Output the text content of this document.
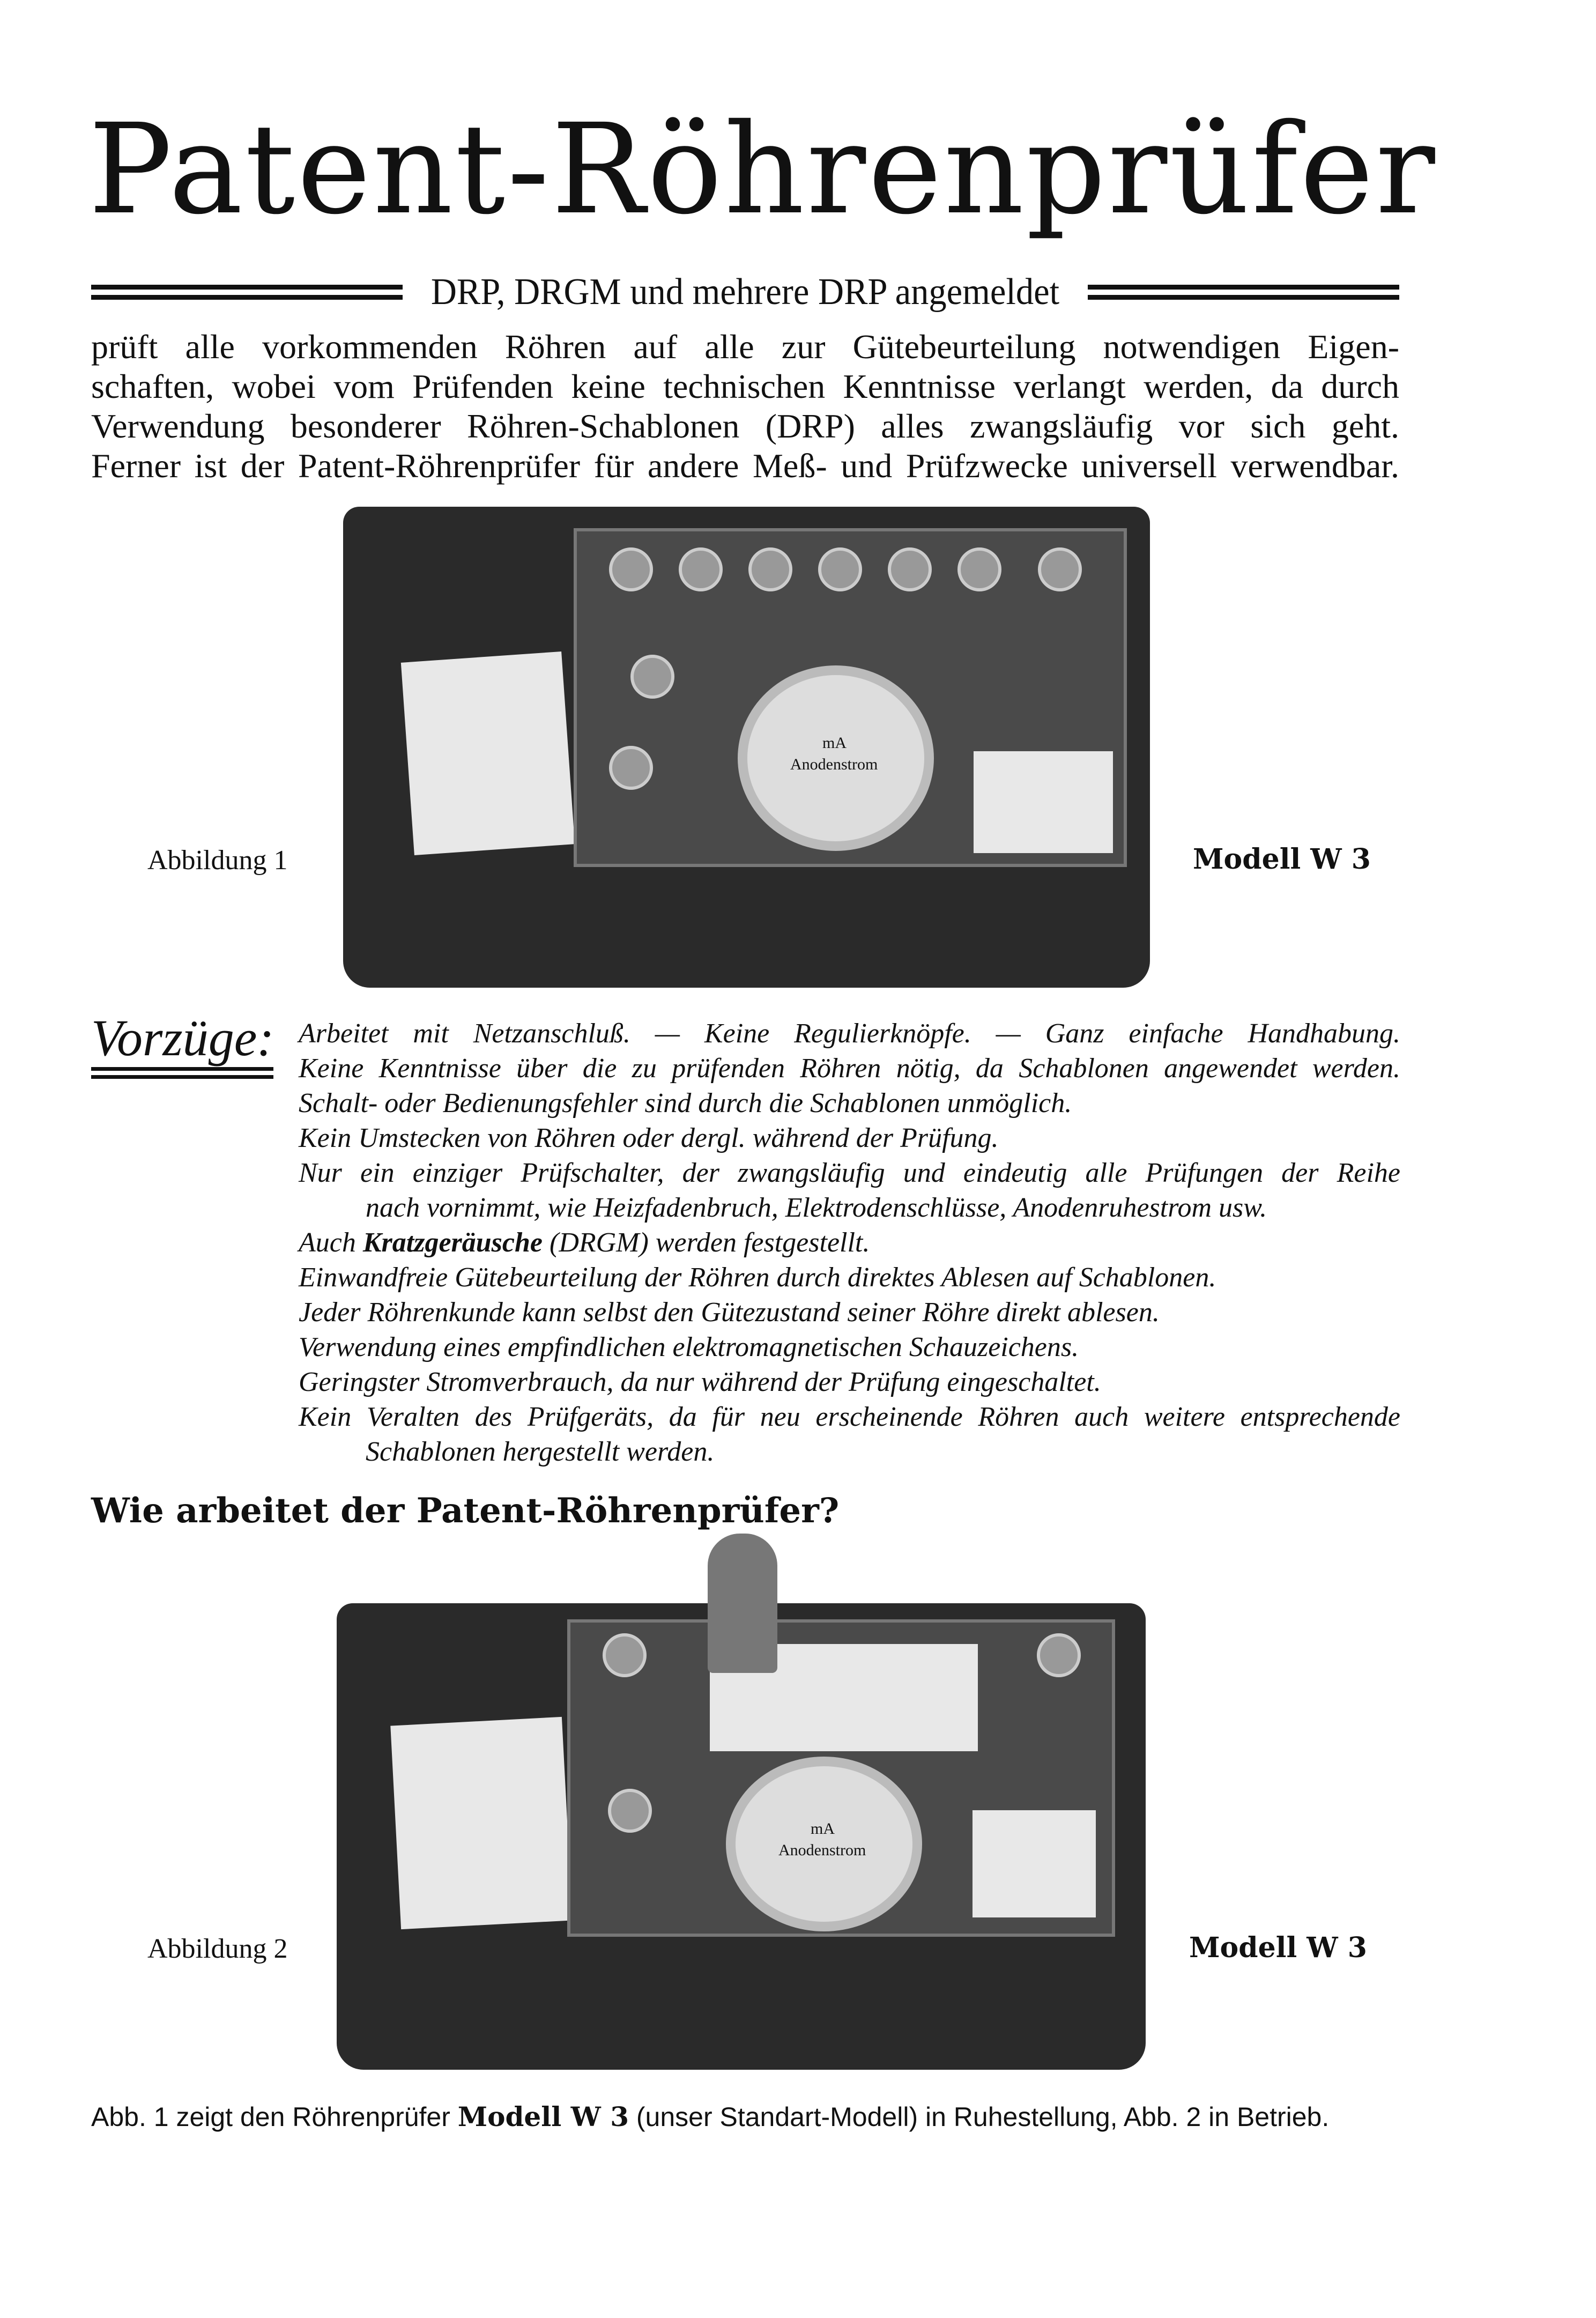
Patent-Röhrenprüfer
DRP, DRGM und mehrere DRP angemeldet
prüft alle vorkommenden Röhren auf alle zur Gütebeurteilung notwendigen Eigen-
schaften, wobei vom Prüfenden keine technischen Kenntnisse verlangt werden, da durch
Verwendung besonderer Röhren-Schablonen (DRP) alles zwangsläufig vor sich geht.
Ferner ist der Patent-Röhrenprüfer für andere Meß- und Prüfzwecke universell verwendbar.
mA
Anodenstrom
Abbildung 1	Modell W 3
Vorzüge: Arbeitet mit Netzanschluß. — Keine Regulierknöpfe. — Ganz einfache Handhabung.
Keine Kenntnisse über die zu prüfenden Röhren nötig, da Schablonen angewendet werden.
Schalt- oder Bedienungsfehler sind durch die Schablonen unmöglich.
Kein Umstecken von Röhren oder dergl. während der Prüfung.
Nur ein einziger Prüfschalter, der zwangsläufig und eindeutig alle Prüfungen der Reihe
nach vornimmt, wie Heizfadenbruch, Elektrodenschlüsse, Anodenruhestrom usw.
Auch Kratzgeräusche (DRGM) werden festgestellt.
Einwandfreie Gütebeurteilung der Röhren durch direktes Ablesen auf Schablonen.
Jeder Röhrenkunde kann selbst den Gütezustand seiner Röhre direkt ablesen.
Verwendung eines empfindlichen elektromagnetischen Schauzeichens.
Geringster Stromverbrauch, da nur während der Prüfung eingeschaltet.
Kein Veralten des Prüfgeräts, da für neu erscheinende Röhren auch weitere entsprechende
Schablonen hergestellt werden.
Wie arbeitet der Patent-Röhrenprüfer?
mA
Anodenstrom
Abbildung 2	Modell W 3
Abb. 1 zeigt den Röhrenprüfer Modell W 3 (unser Standart-Modell) in Ruhestellung, Abb. 2 in Betrieb.
